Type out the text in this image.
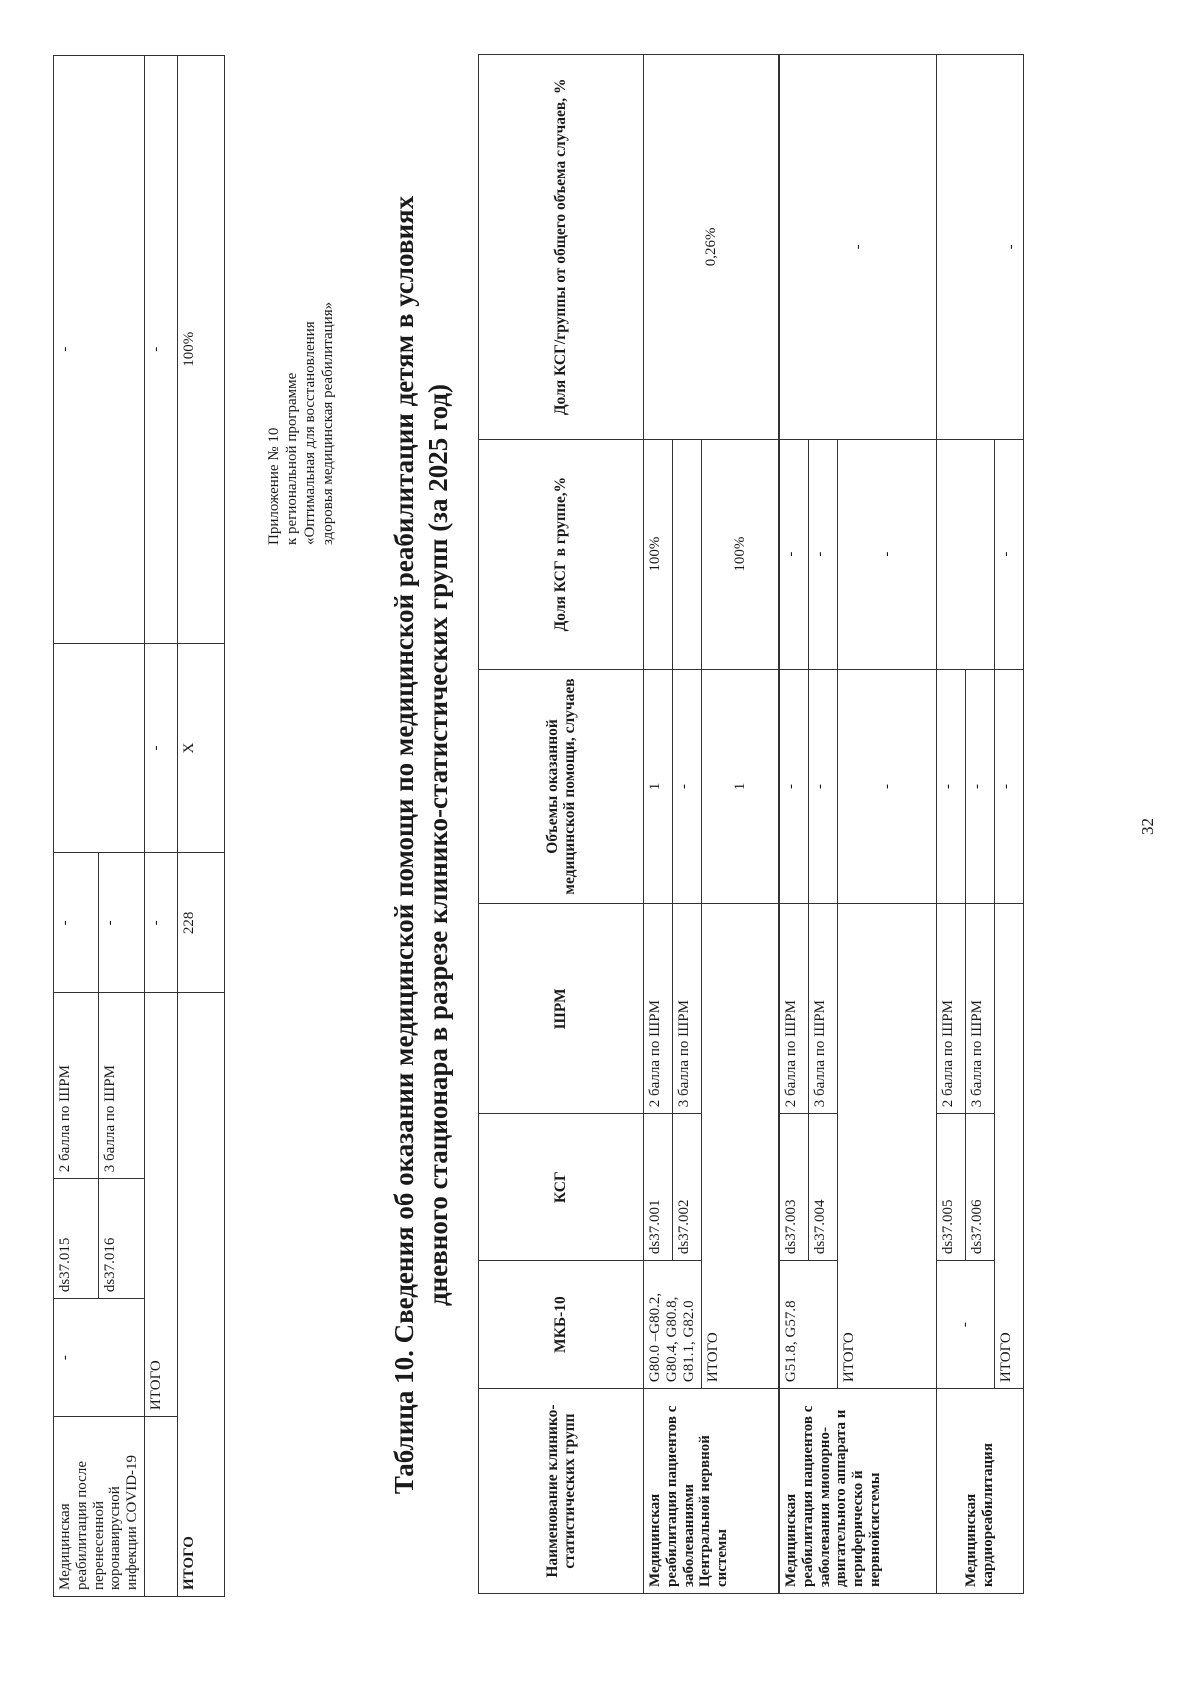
Медицинская реабилитация после перенесенной коронавирусной инфекции COVID-19	-	ds37.015	2 балла по ШРМ	-		-
		ds37.016	3 балла по ШРМ	-		
	ИТОГО			-	-	-
ИТОГО				228	Х	100%
Приложение № 10 к региональной программе «Оптимальная для восстановления здоровья медицинская реабилитация» Таблица 10. Сведения об оказании медицинской помощи по медицинской реабилитации детям в условиях дневного стационара в разрезе клинико-статистических групп (за 2025 год)
Наименование клинико-статистических групп	МКБ-10	КСГ	ШРМ	Объемы оказанной медицинской помощи, случаев	Доля КСГ в группе,%	Доля КСГ/группы от общего объема случаев, %
Медицинская реабилитация пациентов с заболеваниями Центральной нервной системы	G80.0 –G80.2, G80.4, G80.8, G81.1, G82.0	ds37.001	2 балла по ШРМ	1	100%	0,26%
		ds37.002	3 балла по ШРМ	-		
	ИТОГО			1	100%	

Медицинская реабилитация пациентов с заболевания миопорно-двигательного аппарата и периферическо й нервнойсистемы	G51.8, G57.8	ds37.003	2 балла по ШРМ	-	-	-
		ds37.004	3 балла по ШРМ	-	-	
	ИТОГО			-	-	
Медицинская кардиореабилитация	-	ds37.005	2 балла по ШРМ	-		-
		ds37.006	3 балла по ШРМ	-		
	ИТОГО			-	-	
32
